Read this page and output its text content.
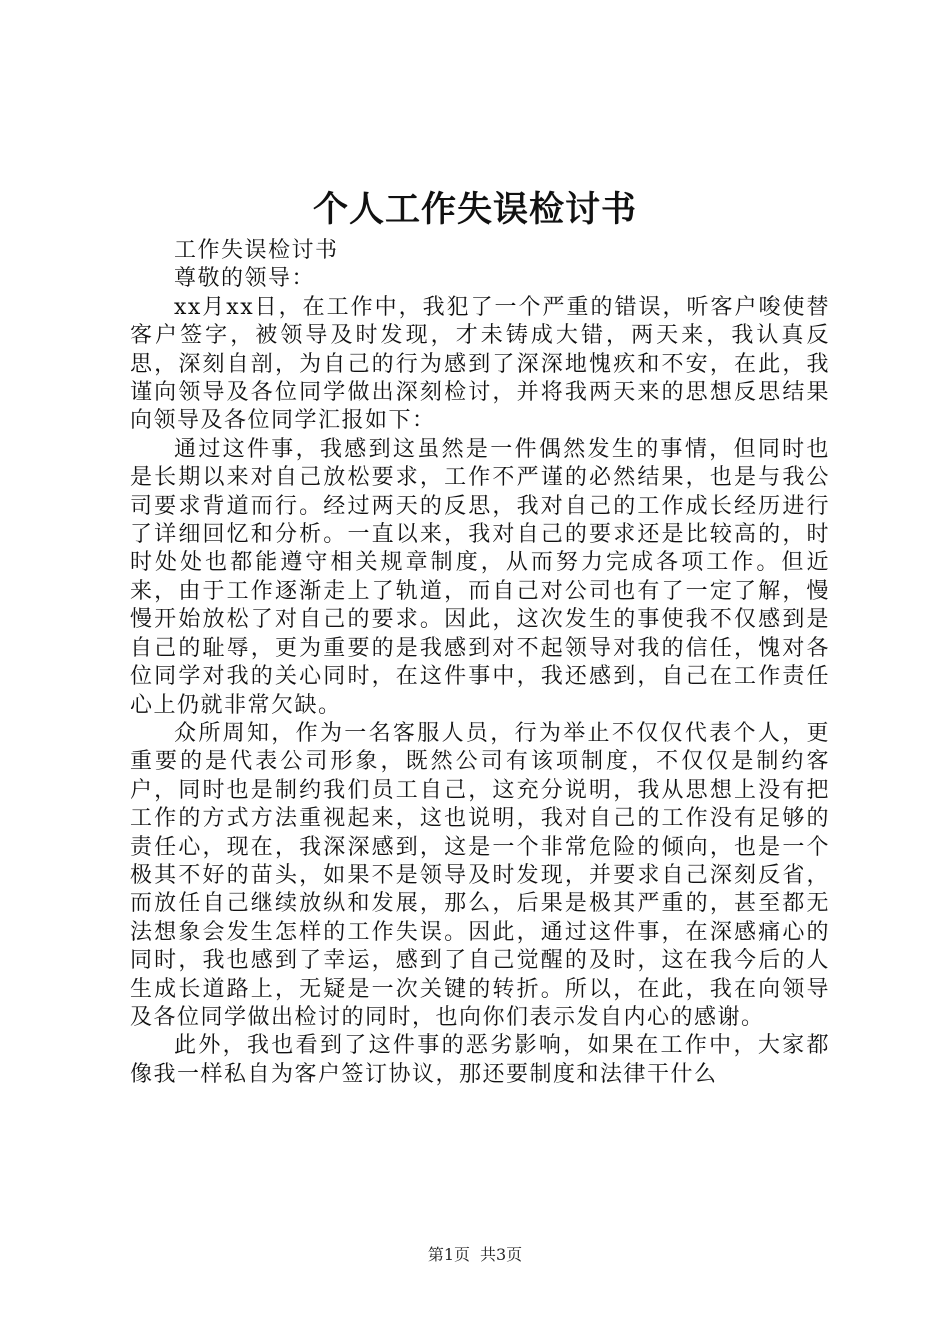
个人工作失误检讨书

工作失误检讨书

尊敬的领导：

xx月xx日，在工作中，我犯了一个严重的错误，听客户唆使替客户签字，被领导及时发现，才未铸成大错，两天来，我认真反思，深刻自剖，为自己的行为感到了深深地愧疚和不安，在此，我谨向领导及各位同学做出深刻检讨，并将我两天来的思想反思结果向领导及各位同学汇报如下：

通过这件事，我感到这虽然是一件偶然发生的事情，但同时也是长期以来对自己放松要求，工作不严谨的必然结果，也是与我公司要求背道而行。经过两天的反思，我对自己的工作成长经历进行了详细回忆和分析。一直以来，我对自己的要求还是比较高的，时时处处也都能遵守相关规章制度，从而努力完成各项工作。但近来，由于工作逐渐走上了轨道，而自己对公司也有了一定了解，慢慢开始放松了对自己的要求。因此，这次发生的事使我不仅感到是自己的耻辱，更为重要的是我感到对不起领导对我的信任，愧对各位同学对我的关心同时，在这件事中，我还感到，自己在工作责任心上仍就非常欠缺。

众所周知，作为一名客服人员，行为举止不仅仅代表个人，更重要的是代表公司形象，既然公司有该项制度，不仅仅是制约客户，同时也是制约我们员工自己，这充分说明，我从思想上没有把工作的方式方法重视起来，这也说明，我对自己的工作没有足够的责任心，现在，我深深感到，这是一个非常危险的倾向，也是一个极其不好的苗头，如果不是领导及时发现，并要求自己深刻反省，而放任自己继续放纵和发展，那么，后果是极其严重的，甚至都无法想象会发生怎样的工作失误。因此，通过这件事，在深感痛心的同时，我也感到了幸运，感到了自己觉醒的及时，这在我今后的人生成长道路上，无疑是一次关键的转折。所以，在此，我在向领导及各位同学做出检讨的同时，也向你们表示发自内心的感谢。

此外，我也看到了这件事的恶劣影响，如果在工作中，大家都像我一样私自为客户签订协议，那还要制度和法律干什么

第1页 共3页
